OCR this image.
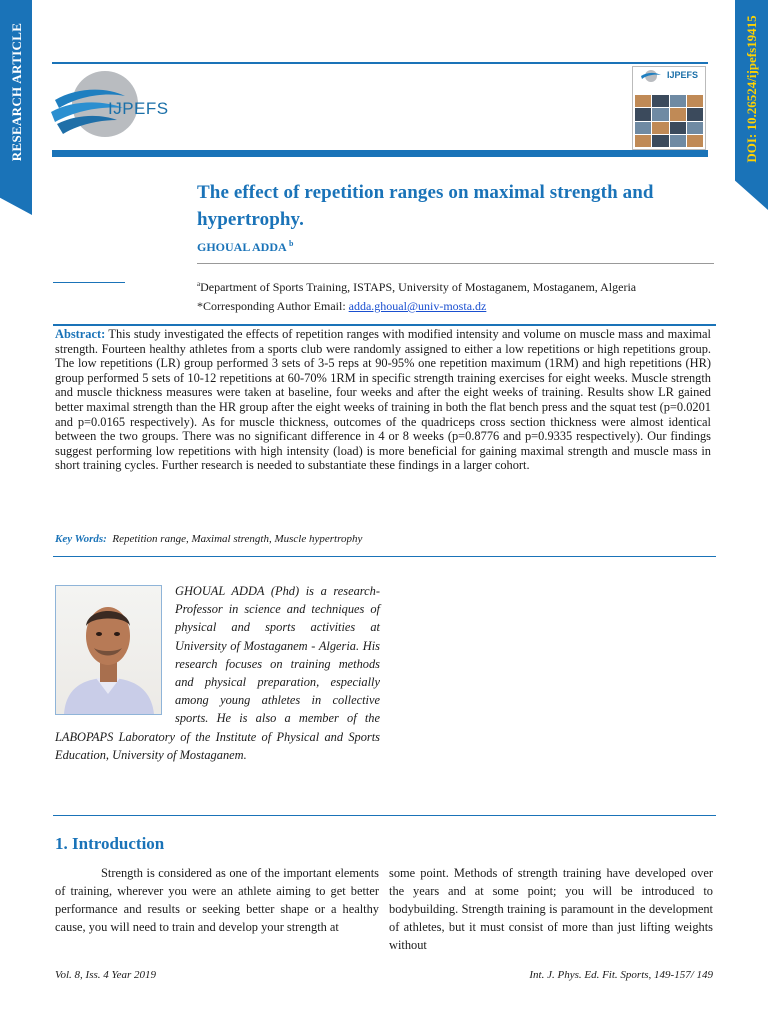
RESEARCH ARTICLE	DOI: 10.26524/ijpefs19415
IJPEFS
IJPEFS
The effect of repetition ranges on maximal strength and hypertrophy.
GHOUAL ADDA $^b$
$^a$Department of Sports Training, ISTAPS, University of Mostaganem, Mostaganem, Algeria
*Corresponding Author Email: adda.ghoual@univ-mosta.dz

Abstract: This study investigated the effects of repetition ranges with modified intensity and volume on muscle mass and maximal strength. Fourteen healthy athletes from a sports club were randomly assigned to either a low repetitions or high repetitions group. The low repetitions (LR) group performed 3 sets of 3-5 reps at 90-95% one repetition maximum (1RM) and high repetitions (HR) group performed 5 sets of 10-12 repetitions at 60-70% 1RM in specific strength training exercises for eight weeks. Muscle strength and muscle thickness measures were taken at baseline, four weeks and after the eight weeks of training. Results show LR gained better maximal strength than the HR group after the eight weeks of training in both the flat bench press and the squat test (p=0.0201 and p=0.0165 respectively). As for muscle thickness, outcomes of the quadriceps cross section thickness were almost identical between the two groups. There was no significant difference in 4 or 8 weeks (p=0.8776 and p=0.9335 respectively). Our findings suggest performing low repetitions with high intensity (load) is more beneficial for gaining maximal strength and muscle mass in short training cycles. Further research is needed to substantiate these findings in a larger cohort.

Key Words: Repetition range, Maximal strength, Muscle hypertrophy

GHOUAL ADDA (Phd) is a research-Professor in science and techniques of physical and sports activities at University of Mostaganem - Algeria. His research focuses on training methods and physical preparation, especially among young athletes in collective sports. He is also a member of the LABOPAPS Laboratory of the Institute of Physical and Sports Education, University of Mostaganem.

1. Introduction

Strength is considered as one of the important elements of training, wherever you were an athlete aiming to get better performance and results or seeking better shape or a healthy cause, you will need to train and develop your strength at

some point. Methods of strength training have developed over the years and at some point; you will be introduced to bodybuilding. Strength training is paramount in the development of athletes, but it must consist of more than just lifting weights without

Vol. 8, Iss. 4 Year 2019	Int. J. Phys. Ed. Fit. Sports, 149-157/ 149
